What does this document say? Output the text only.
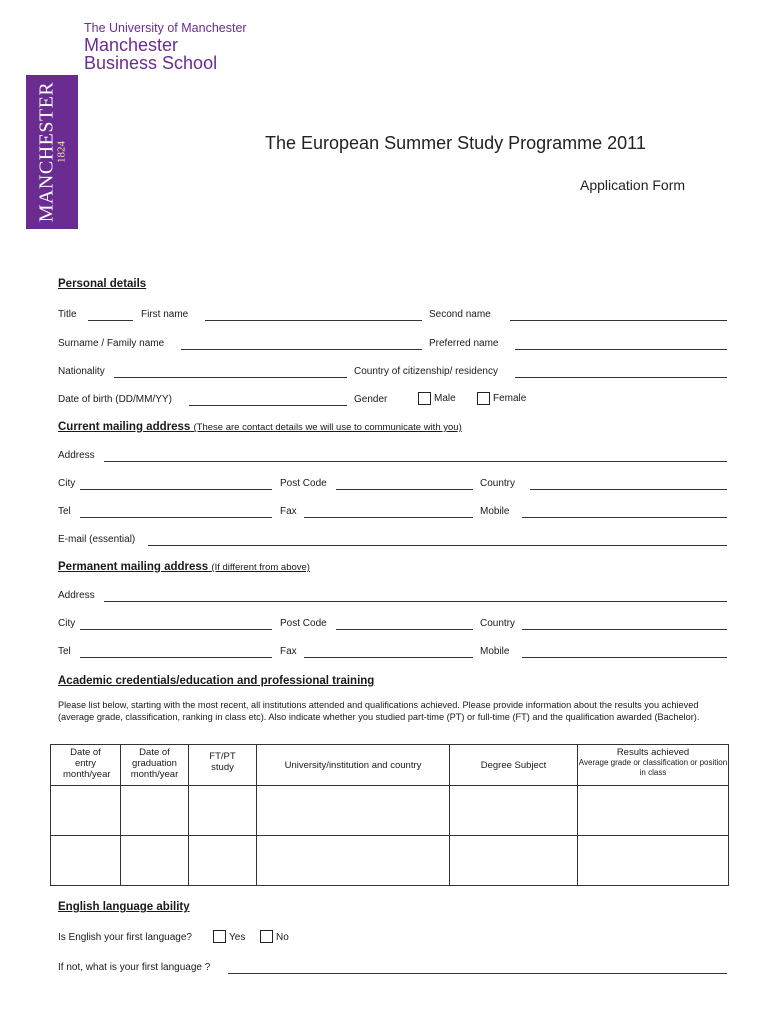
MANCHESTER
1824
The University of Manchester
Manchester
Business School
The European Summer Study Programme 2011
Application Form
Personal details
Title	First name	Second name
Surname / Family name	Preferred name
Nationality	Country of citizenship/ residency
Date of birth (DD/MM/YY)	Gender	Male	Female
Current mailing address (These are contact details we will use to communicate with you)
Address
City	Post Code	Country
Tel	Fax	Mobile
E-mail (essential)
Permanent mailing address (If different from above)
Address
City	Post Code	Country
Tel	Fax	Mobile
Academic credentials/education and professional training
Please list below, starting with the most recent, all institutions attended and qualifications achieved. Please provide information about the results you achieved (average grade, classification, ranking in class etc). Also indicate whether you studied part-time (PT) or full-time (FT) and the qualification awarded (Bachelor).
Date of entry month/year	Date of graduation month/year	FT/PT study	University/institution and country	Degree Subject	Results achieved
Average grade or classification or position in class

English language ability
Is English your first language?	Yes	No
If not, what is your first language ?
